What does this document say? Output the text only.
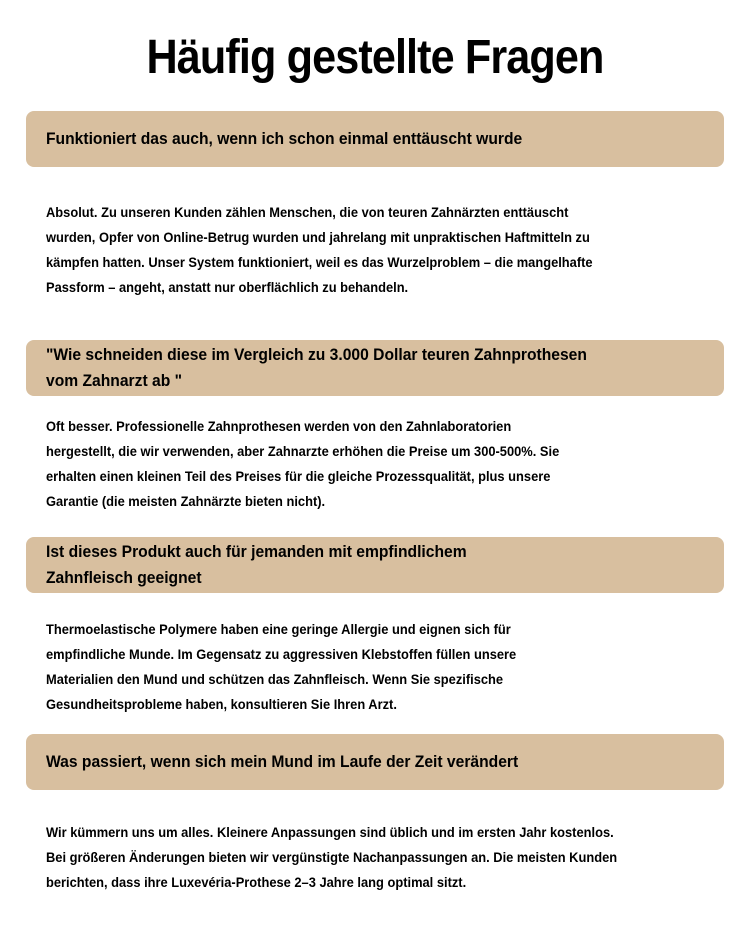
Häufig gestellte Fragen
Funktioniert das auch, wenn ich schon einmal enttäuscht wurde
Absolut. Zu unseren Kunden zählen Menschen, die von teuren Zahnärzten enttäuscht
wurden, Opfer von Online-Betrug wurden und jahrelang mit unpraktischen Haftmitteln zu
kämpfen hatten. Unser System funktioniert, weil es das Wurzelproblem – die mangelhafte
Passform – angeht, anstatt nur oberflächlich zu behandeln.
"Wie schneiden diese im Vergleich zu 3.000 Dollar teuren Zahnprothesen
vom Zahnarzt ab "
Oft besser. Professionelle Zahnprothesen werden von den Zahnlaboratorien
hergestellt, die wir verwenden, aber Zahnarzte erhöhen die Preise um 300-500%. Sie
erhalten einen kleinen Teil des Preises für die gleiche Prozessqualität, plus unsere
Garantie (die meisten Zahnärzte bieten nicht).
Ist dieses Produkt auch für jemanden mit empfindlichem
Zahnfleisch geeignet
Thermoelastische Polymere haben eine geringe Allergie und eignen sich für
empfindliche Munde. Im Gegensatz zu aggressiven Klebstoffen füllen unsere
Materialien den Mund und schützen das Zahnfleisch. Wenn Sie spezifische
Gesundheitsprobleme haben, konsultieren Sie Ihren Arzt.
Was passiert, wenn sich mein Mund im Laufe der Zeit verändert
Wir kümmern uns um alles. Kleinere Anpassungen sind üblich und im ersten Jahr kostenlos.
Bei größeren Änderungen bieten wir vergünstigte Nachanpassungen an. Die meisten Kunden
berichten, dass ihre Luxevéria-Prothese 2–3 Jahre lang optimal sitzt.
